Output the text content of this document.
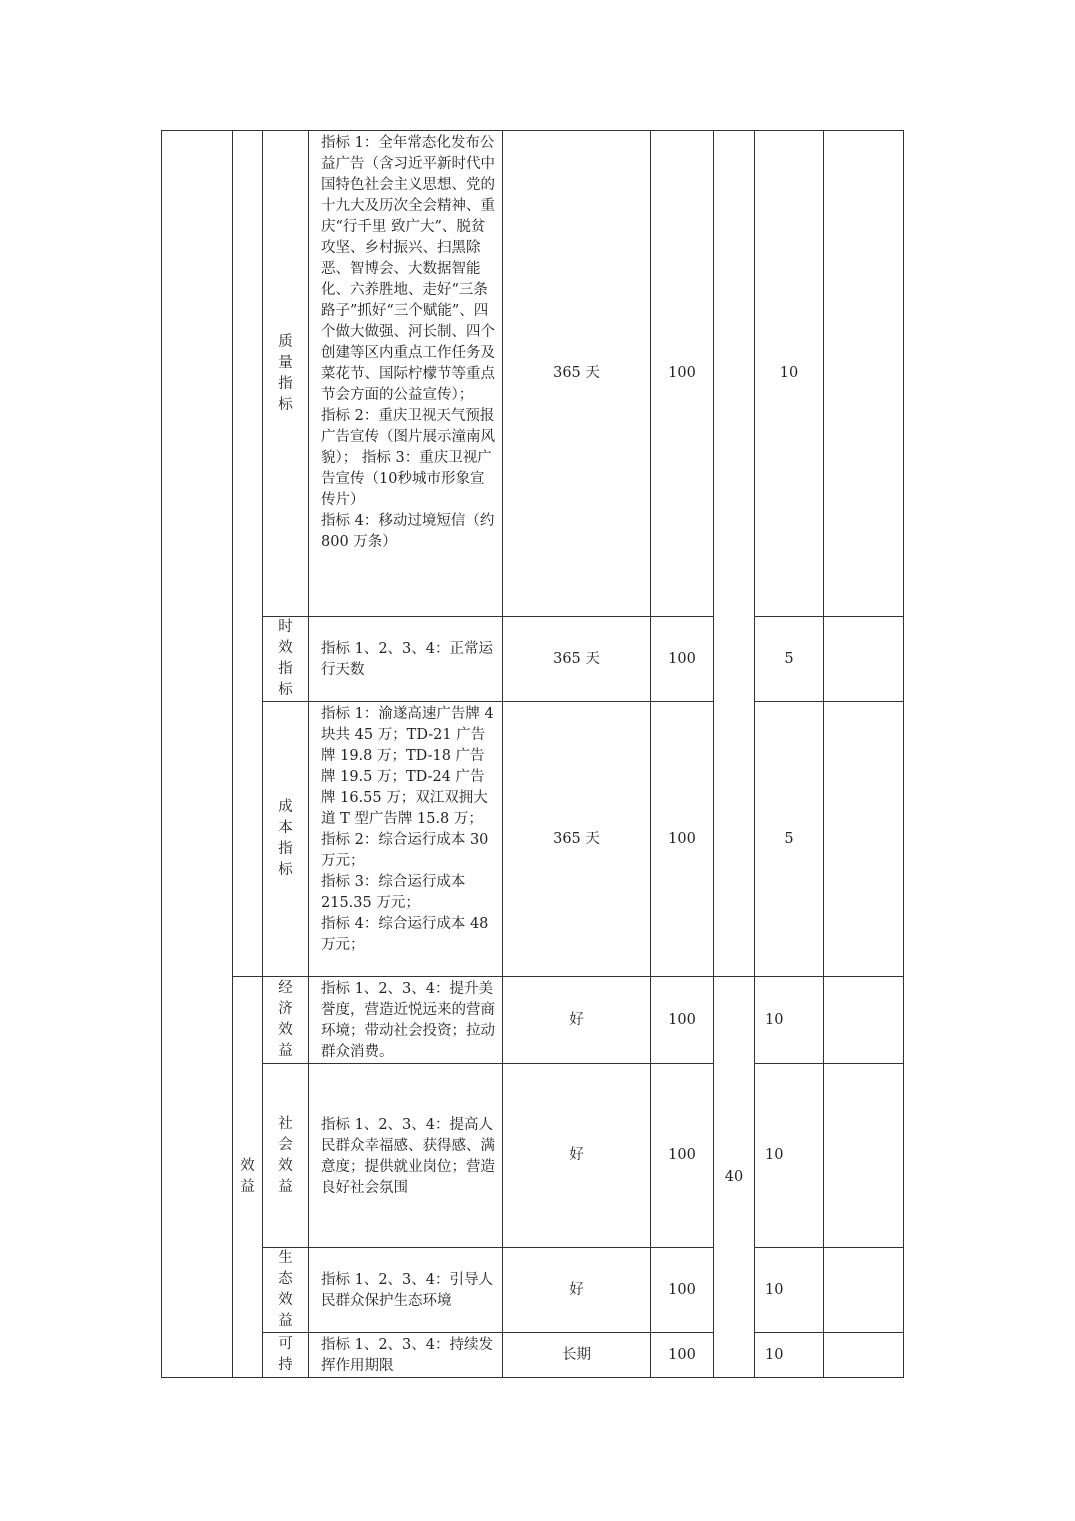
		质量指标	指标 1：全年常态化发布公益广告（含习近平新时代中国特色社会主义思想、党的十九大及历次全会精神、重庆“行千里 致广大”、脱贫攻坚、乡村振兴、扫黑除恶、智博会、大数据智能化、六养胜地、走好“三条路子”抓好“三个赋能”、四个做大做强、河长制、四个创建等区内重点工作任务及菜花节、国际柠檬节等重点节会方面的公益宣传）；
指标 2：重庆卫视天气预报广告宣传（图片展示潼南风貌）； 指标 3：重庆卫视广告宣传（10秒城市形象宣传片）
指标 4：移动过境短信（约 800 万条）	365 天	100		10	

		时效指标	指标 1、2、3、4：正常运行天数	365 天	100		5	

		成本指标	指标 1：渝遂高速广告牌 4 块共 45 万；TD-21 广告牌 19.8 万；TD-18 广告牌 19.5 万；TD-24 广告牌 16.55 万；双江双拥大道 T 型广告牌 15.8 万；
指标 2：综合运行成本 30 万元；
指标 3：综合运行成本 215.35 万元；
指标 4：综合运行成本 48 万元；	365 天	100		5	

	效益	经济效益	指标 1、2、3、4：提升美誉度，营造近悦远来的营商环境；带动社会投资；拉动群众消费。	好	100	40	10	

		社会效益	指标 1、2、3、4：提高人民群众幸福感、获得感、满意度；提供就业岗位；营造良好社会氛围	好	100		10	

		生态效益	指标 1、2、3、4：引导人民群众保护生态环境	好	100		10	

		可持	指标 1、2、3、4：持续发挥作用期限	长期	100		10	
